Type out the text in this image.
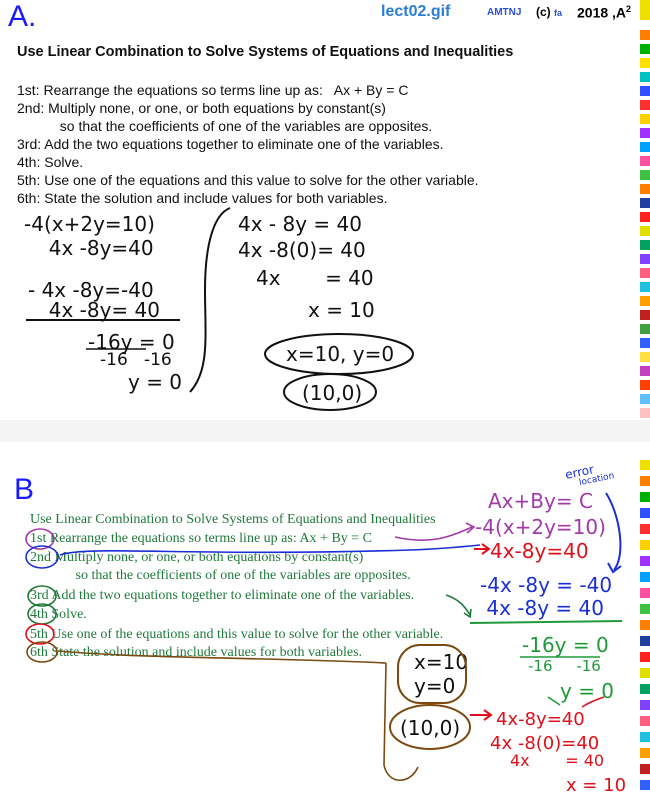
A.	lect02.gif	AMTNJ (c) fa 2018 $,A^2$
Use Linear Combination to Solve Systems of Equations and Inequalities
1st: Rearrange the equations so terms line up as:   Ax + By = C
2nd: Multiply none, or one, or both equations by constant(s)
so that the coefficients of one of the variables are opposites.
3rd: Add the two equations together to eliminate one of the variables.
4th: Solve.
5th: Use one of the equations and this value to solve for the other variable.
6th: State the solution and include values for both variables.
-4(x+2y=10)
4x -8y=40
- 4x -8y=-40
4x -8y= 40
-16y = 0
-16   -16
y = 0
4x - 8y = 40
4x -8(0)= 40
4x       = 40
x = 10
x=10, y=0
(10,0)
B
Use Linear Combination to Solve Systems of Equations and Inequalities
1st Rearrange the equations so terms line up as: Ax + By = C
2nd Multiply none, or one, or both equations by constant(s)
so that the coefficients of one of the variables are opposites.
3rd Add the two equations together to eliminate one of the variables.
4th Solve.
5th Use one of the equations and this value to solve for the other variable.
6th State the solution and include values for both variables.
error
location
Ax+By= C
-4(x+2y=10)
4x-8y=40
-4x -8y = -40
4x -8y = 40
-16y = 0
-16     -16
y = 0
x=10
y=0
(10,0) 4x-8y=40
4x -8(0)=40
4x       = 40
x = 10
